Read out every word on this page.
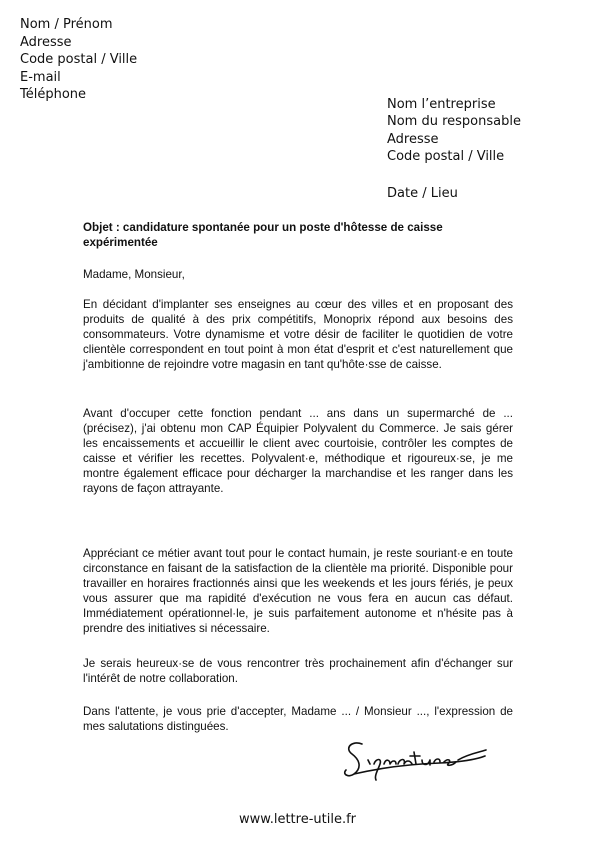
Nom / Prénom
Adresse
Code postal / Ville
E-mail
Téléphone
Nom l’entreprise
Nom du responsable
Adresse
Code postal / Ville
Date / Lieu
Objet : candidature spontanée pour un poste d'hôtesse de caisse expérimentée
Madame, Monsieur,
En décidant d'implanter ses enseignes au cœur des villes et en proposant des produits de qualité à des prix compétitifs, Monoprix répond aux besoins des consommateurs. Votre dynamisme et votre désir de faciliter le quotidien de votre clientèle correspondent en tout point à mon état d'esprit et c'est naturellement que j'ambitionne de rejoindre votre magasin en tant qu'hôte·sse de caisse.
Avant d'occuper cette fonction pendant ... ans dans un supermarché de ... (précisez), j'ai obtenu mon CAP Équipier Polyvalent du Commerce. Je sais gérer les encaissements et accueillir le client avec courtoisie, contrôler les comptes de caisse et vérifier les recettes. Polyvalent·e, méthodique et rigoureux·se, je me montre également efficace pour décharger la marchandise et les ranger dans les rayons de façon attrayante.
Appréciant ce métier avant tout pour le contact humain, je reste souriant·e en toute circonstance en faisant de la satisfaction de la clientèle ma priorité. Disponible pour travailler en horaires fractionnés ainsi que les weekends et les jours fériés, je peux vous assurer que ma rapidité d'exécution ne vous fera en aucun cas défaut. Immédiatement opérationnel·le, je suis parfaitement autonome et n'hésite pas à prendre des initiatives si nécessaire.
Je serais heureux·se de vous rencontrer très prochainement afin d'échanger sur l'intérêt de notre collaboration.
Dans l'attente, je vous prie d'accepter, Madame ... / Monsieur ..., l'expression de mes salutations distinguées.
www.lettre-utile.fr
